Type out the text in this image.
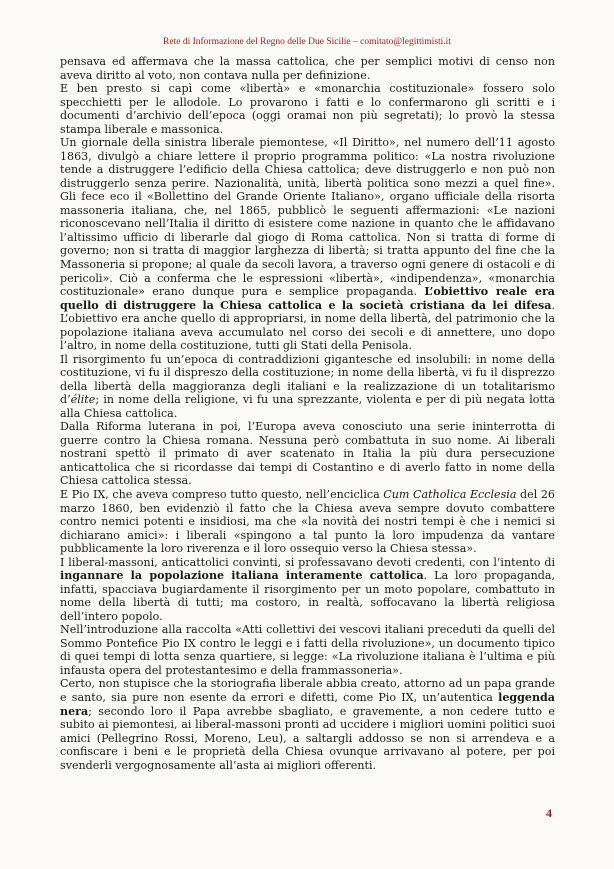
Rete di Informazione del Regno delle Due Sicilie – comitato@legittimisti.it

pensava ed affermava che la massa cattolica, che per semplici motivi di censo non aveva diritto al voto, non contava nulla per definizione.

E ben presto si capì come «libertà» e «monarchia costituzionale» fossero solo specchietti per le allodole. Lo provarono i fatti e lo confermarono gli scritti e i documenti d’archivio dell’epoca (oggi oramai non più segretati); lo provò la stessa stampa liberale e massonica.

Un giornale della sinistra liberale piemontese, «Il Diritto», nel numero dell’11 agosto 1863, divulgò a chiare lettere il proprio programma politico: «La nostra rivoluzione tende a distruggere l’edificio della Chiesa cattolica; deve distruggerlo e non può non distruggerlo senza perire. Nazionalità, unità, libertà politica sono mezzi a quel fine». Gli fece eco il «Bollettino del Grande Oriente Italiano», organo ufficiale della risorta massoneria italiana, che, nel 1865, pubblicò le seguenti affermazioni: «Le nazioni riconoscevano nell’Italia il diritto di esistere come nazione in quanto che le affidavano l’altissimo ufficio di liberarle dal giogo di Roma cattolica. Non si tratta di forme di governo; non si tratta di maggior larghezza di libertà; si tratta appunto del fine che la Massoneria si propone; al quale da secoli lavora, a traverso ogni genere di ostacoli e di pericoli». Ciò a conferma che le espressioni «libertà», «indipendenza», «monarchia costituzionale» erano dunque pura e semplice propaganda. L’obiettivo reale era quello di distruggere la Chiesa cattolica e la società cristiana da lei difesa. L’obiettivo era anche quello di appropriarsi, in nome della libertà, del patrimonio che la popolazione italiana aveva accumulato nel corso dei secoli e di annettere, uno dopo l’altro, in nome della costituzione, tutti gli Stati della Penisola.

Il risorgimento fu un’epoca di contraddizioni gigantesche ed insolubili: in nome della costituzione, vi fu il dispreszo della costituzione; in nome della libertà, vi fu il disprezzo della libertà della maggioranza degli italiani e la realizzazione di un totalitarismo d’élite; in nome della religione, vi fu una sprezzante, violenta e per di più negata lotta alla Chiesa cattolica.

Dalla Riforma luterana in poi, l’Europa aveva conosciuto una serie ininterrotta di guerre contro la Chiesa romana. Nessuna però combattuta in suo nome. Ai liberali nostrani spettò il primato di aver scatenato in Italia la più dura persecuzione anticattolica che si ricordasse dai tempi di Costantino e di averlo fatto in nome della Chiesa cattolica stessa.

E Pio IX, che aveva compreso tutto questo, nell’enciclica Cum Catholica Ecclesia del 26 marzo 1860, ben evidenziò il fatto che la Chiesa aveva sempre dovuto combattere contro nemici potenti e insidiosi, ma che «la novità dei nostri tempi è che i nemici si dichiarano amici»: i liberali «spingono a tal punto la loro impudenza da vantare pubblicamente la loro riverenza e il loro ossequio verso la Chiesa stessa».

I liberal-massoni, anticattolici convinti, si professavano devoti credenti, con l’intento di ingannare la popolazione italiana interamente cattolica. La loro propaganda, infatti, spacciava bugiardamente il risorgimento per un moto popolare, combattuto in nome della libertà di tutti; ma costoro, in realtà, soffocavano la libertà religiosa dell’intero popolo.

Nell’introduzione alla raccolta «Atti collettivi dei vescovi italiani preceduti da quelli del Sommo Pontefice Pio IX contro le leggi e i fatti della rivoluzione», un documento tipico di quei tempi di lotta senza quartiere, si legge: «La rivoluzione italiana è l’ultima e più infausta opera del protestantesimo e della frammassoneria».

Certo, non stupisce che la storiografia liberale abbia creato, attorno ad un papa grande e santo, sia pure non esente da errori e difetti, come Pio IX, un’autentica leggenda nera; secondo loro il Papa avrebbe sbagliato, e gravemente, a non cedere tutto e subito ai piemontesi, ai liberal-massoni pronti ad uccidere i migliori uomini politici suoi amici (Pellegrino Rossi, Moreno, Leu), a saltargli addosso se non si arrendeva e a confiscare i beni e le proprietà della Chiesa ovunque arrivavano al potere, per poi svenderli vergognosamente all’asta ai migliori offerenti.

4
